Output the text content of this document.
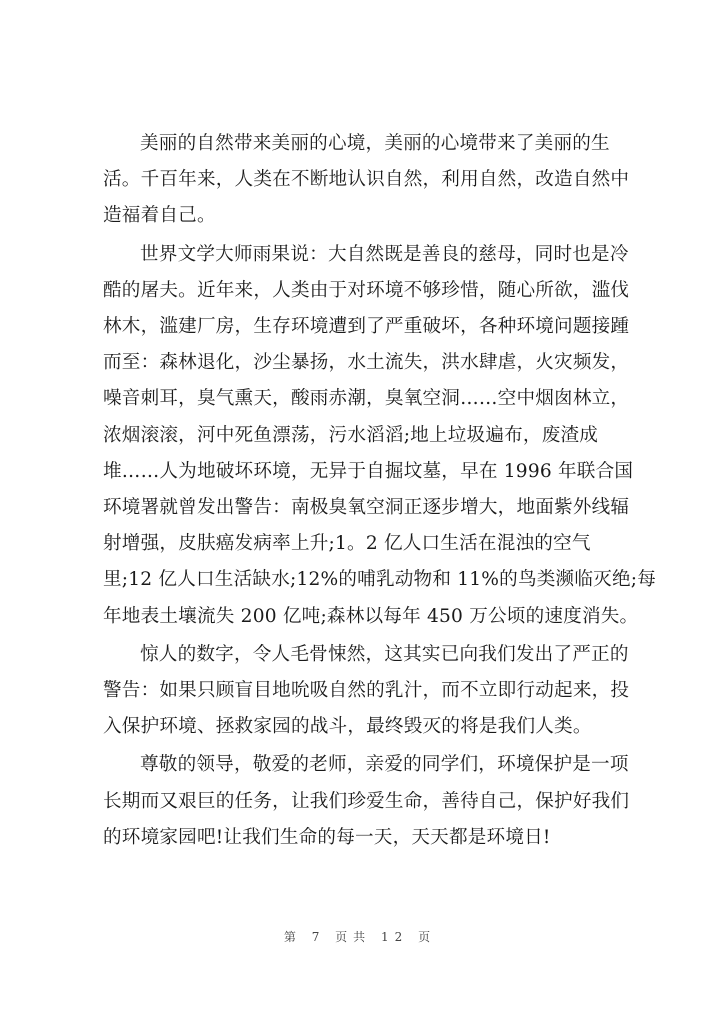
美丽的自然带来美丽的心境，美丽的心境带来了美丽的生
活。千百年来，人类在不断地认识自然，利用自然，改造自然中
造福着自己。

世界文学大师雨果说：大自然既是善良的慈母，同时也是冷
酷的屠夫。近年来，人类由于对环境不够珍惜，随心所欲，滥伐
林木，滥建厂房，生存环境遭到了严重破坏，各种环境问题接踵
而至：森林退化，沙尘暴扬，水土流失，洪水肆虐，火灾频发，
噪音刺耳，臭气熏天，酸雨赤潮，臭氧空洞……空中烟囱林立，
浓烟滚滚，河中死鱼漂荡，污水滔滔;地上垃圾遍布，废渣成
堆……人为地破坏环境，无异于自掘坟墓，早在 1996 年联合国
环境署就曾发出警告：南极臭氧空洞正逐步增大，地面紫外线辐
射增强，皮肤癌发病率上升;1。2 亿人口生活在混浊的空气
里;12 亿人口生活缺水;12%的哺乳动物和 11%的鸟类濒临灭绝;每
年地表土壤流失 200 亿吨;森林以每年 450 万公顷的速度消失。

惊人的数字，令人毛骨悚然，这其实已向我们发出了严正的
警告：如果只顾盲目地吮吸自然的乳汁，而不立即行动起来，投
入保护环境、拯救家园的战斗，最终毁灭的将是我们人类。

尊敬的领导，敬爱的老师，亲爱的同学们，环境保护是一项
长期而又艰巨的任务，让我们珍爱生命，善待自己，保护好我们
的环境家园吧!让我们生命的每一天，天天都是环境日!

第 7 页共 12 页
